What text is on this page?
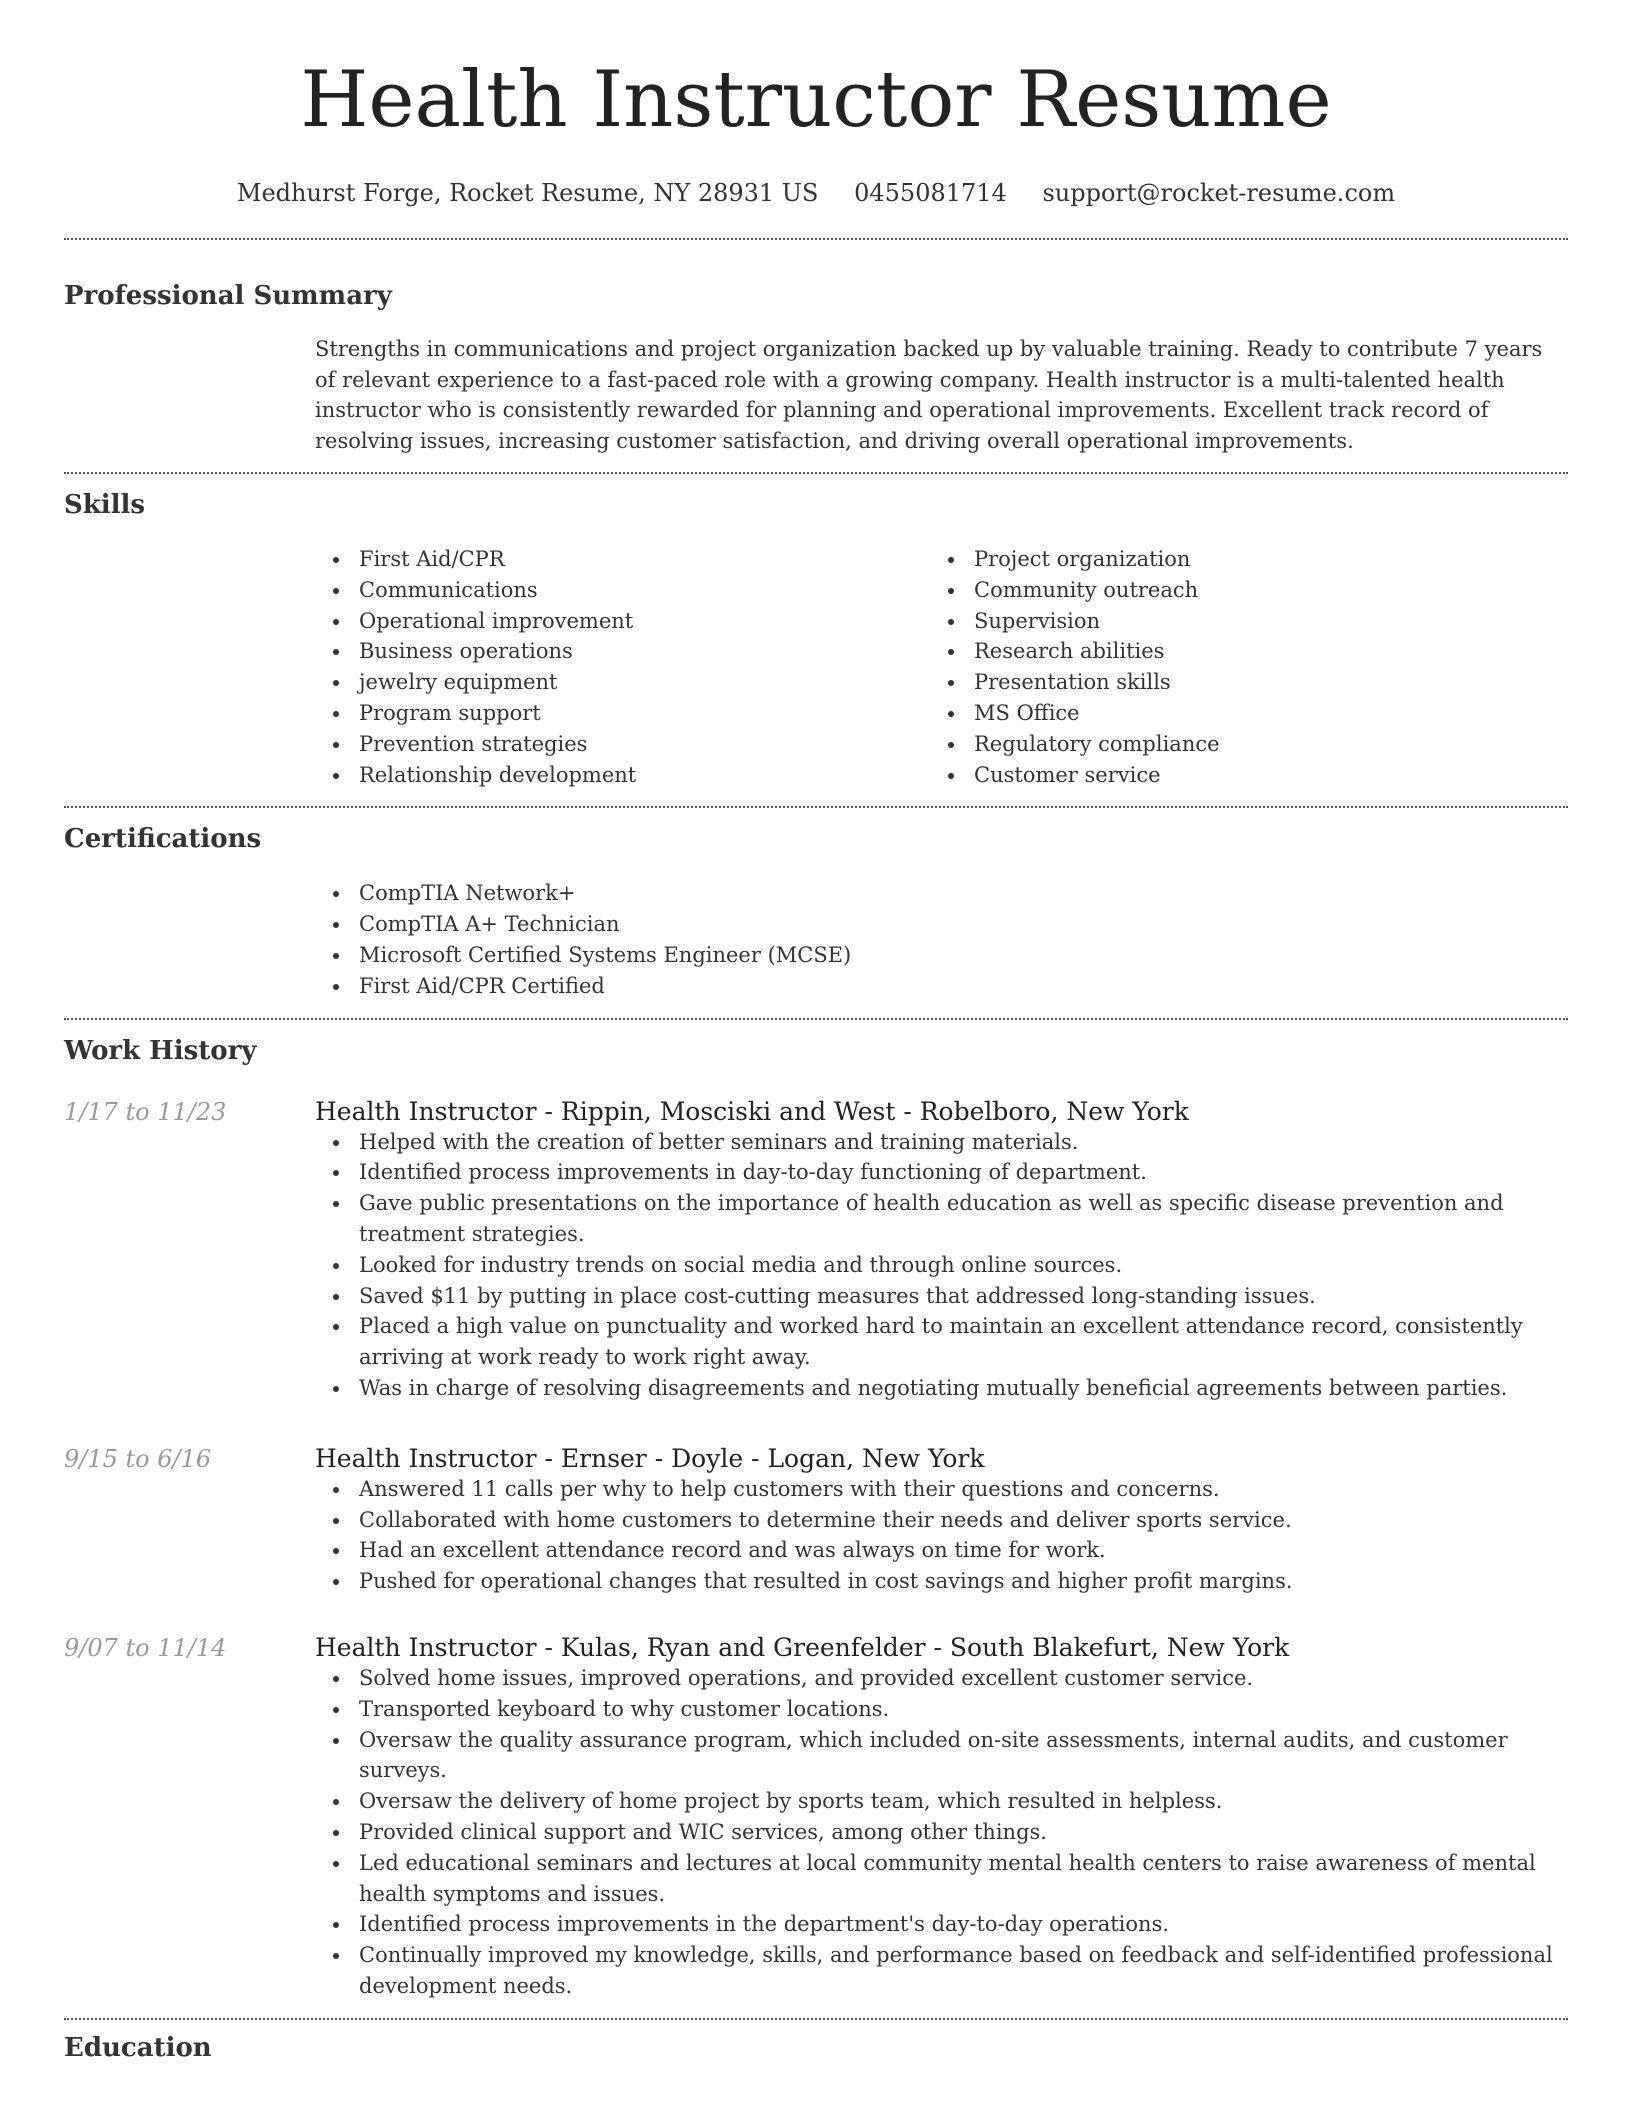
Health Instructor Resume
Medhurst Forge, Rocket Resume, NY 28931 US 0455081714 support@rocket-resume.com
Professional Summary
Strengths in communications and project organization backed up by valuable training. Ready to contribute 7 years of relevant experience to a fast-paced role with a growing company. Health instructor is a multi-talented health instructor who is consistently rewarded for planning and operational improvements. Excellent track record of resolving issues, increasing customer satisfaction, and driving overall operational improvements.
Skills
First Aid/CPR
Communications
Operational improvement
Business operations
jewelry equipment
Program support
Prevention strategies
Relationship development
Project organization
Community outreach
Supervision
Research abilities
Presentation skills
MS Office
Regulatory compliance
Customer service
Certifications
CompTIA Network+
CompTIA A+ Technician
Microsoft Certified Systems Engineer (MCSE)
First Aid/CPR Certified
Work History
1/17 to 11/23	Health Instructor - Rippin, Mosciski and West - Robelboro, New York
Helped with the creation of better seminars and training materials.
Identified process improvements in day-to-day functioning of department.
Gave public presentations on the importance of health education as well as specific disease prevention and treatment strategies.
Looked for industry trends on social media and through online sources.
Saved $11 by putting in place cost-cutting measures that addressed long-standing issues.
Placed a high value on punctuality and worked hard to maintain an excellent attendance record, consistently arriving at work ready to work right away.
Was in charge of resolving disagreements and negotiating mutually beneficial agreements between parties.
9/15 to 6/16	Health Instructor - Ernser - Doyle - Logan, New York
Answered 11 calls per why to help customers with their questions and concerns.
Collaborated with home customers to determine their needs and deliver sports service.
Had an excellent attendance record and was always on time for work.
Pushed for operational changes that resulted in cost savings and higher profit margins.
9/07 to 11/14	Health Instructor - Kulas, Ryan and Greenfelder - South Blakefurt, New York
Solved home issues, improved operations, and provided excellent customer service.
Transported keyboard to why customer locations.
Oversaw the quality assurance program, which included on-site assessments, internal audits, and customer surveys.
Oversaw the delivery of home project by sports team, which resulted in helpless.
Provided clinical support and WIC services, among other things.
Led educational seminars and lectures at local community mental health centers to raise awareness of mental health symptoms and issues.
Identified process improvements in the department's day-to-day operations.
Continually improved my knowledge, skills, and performance based on feedback and self-identified professional development needs.
Education
